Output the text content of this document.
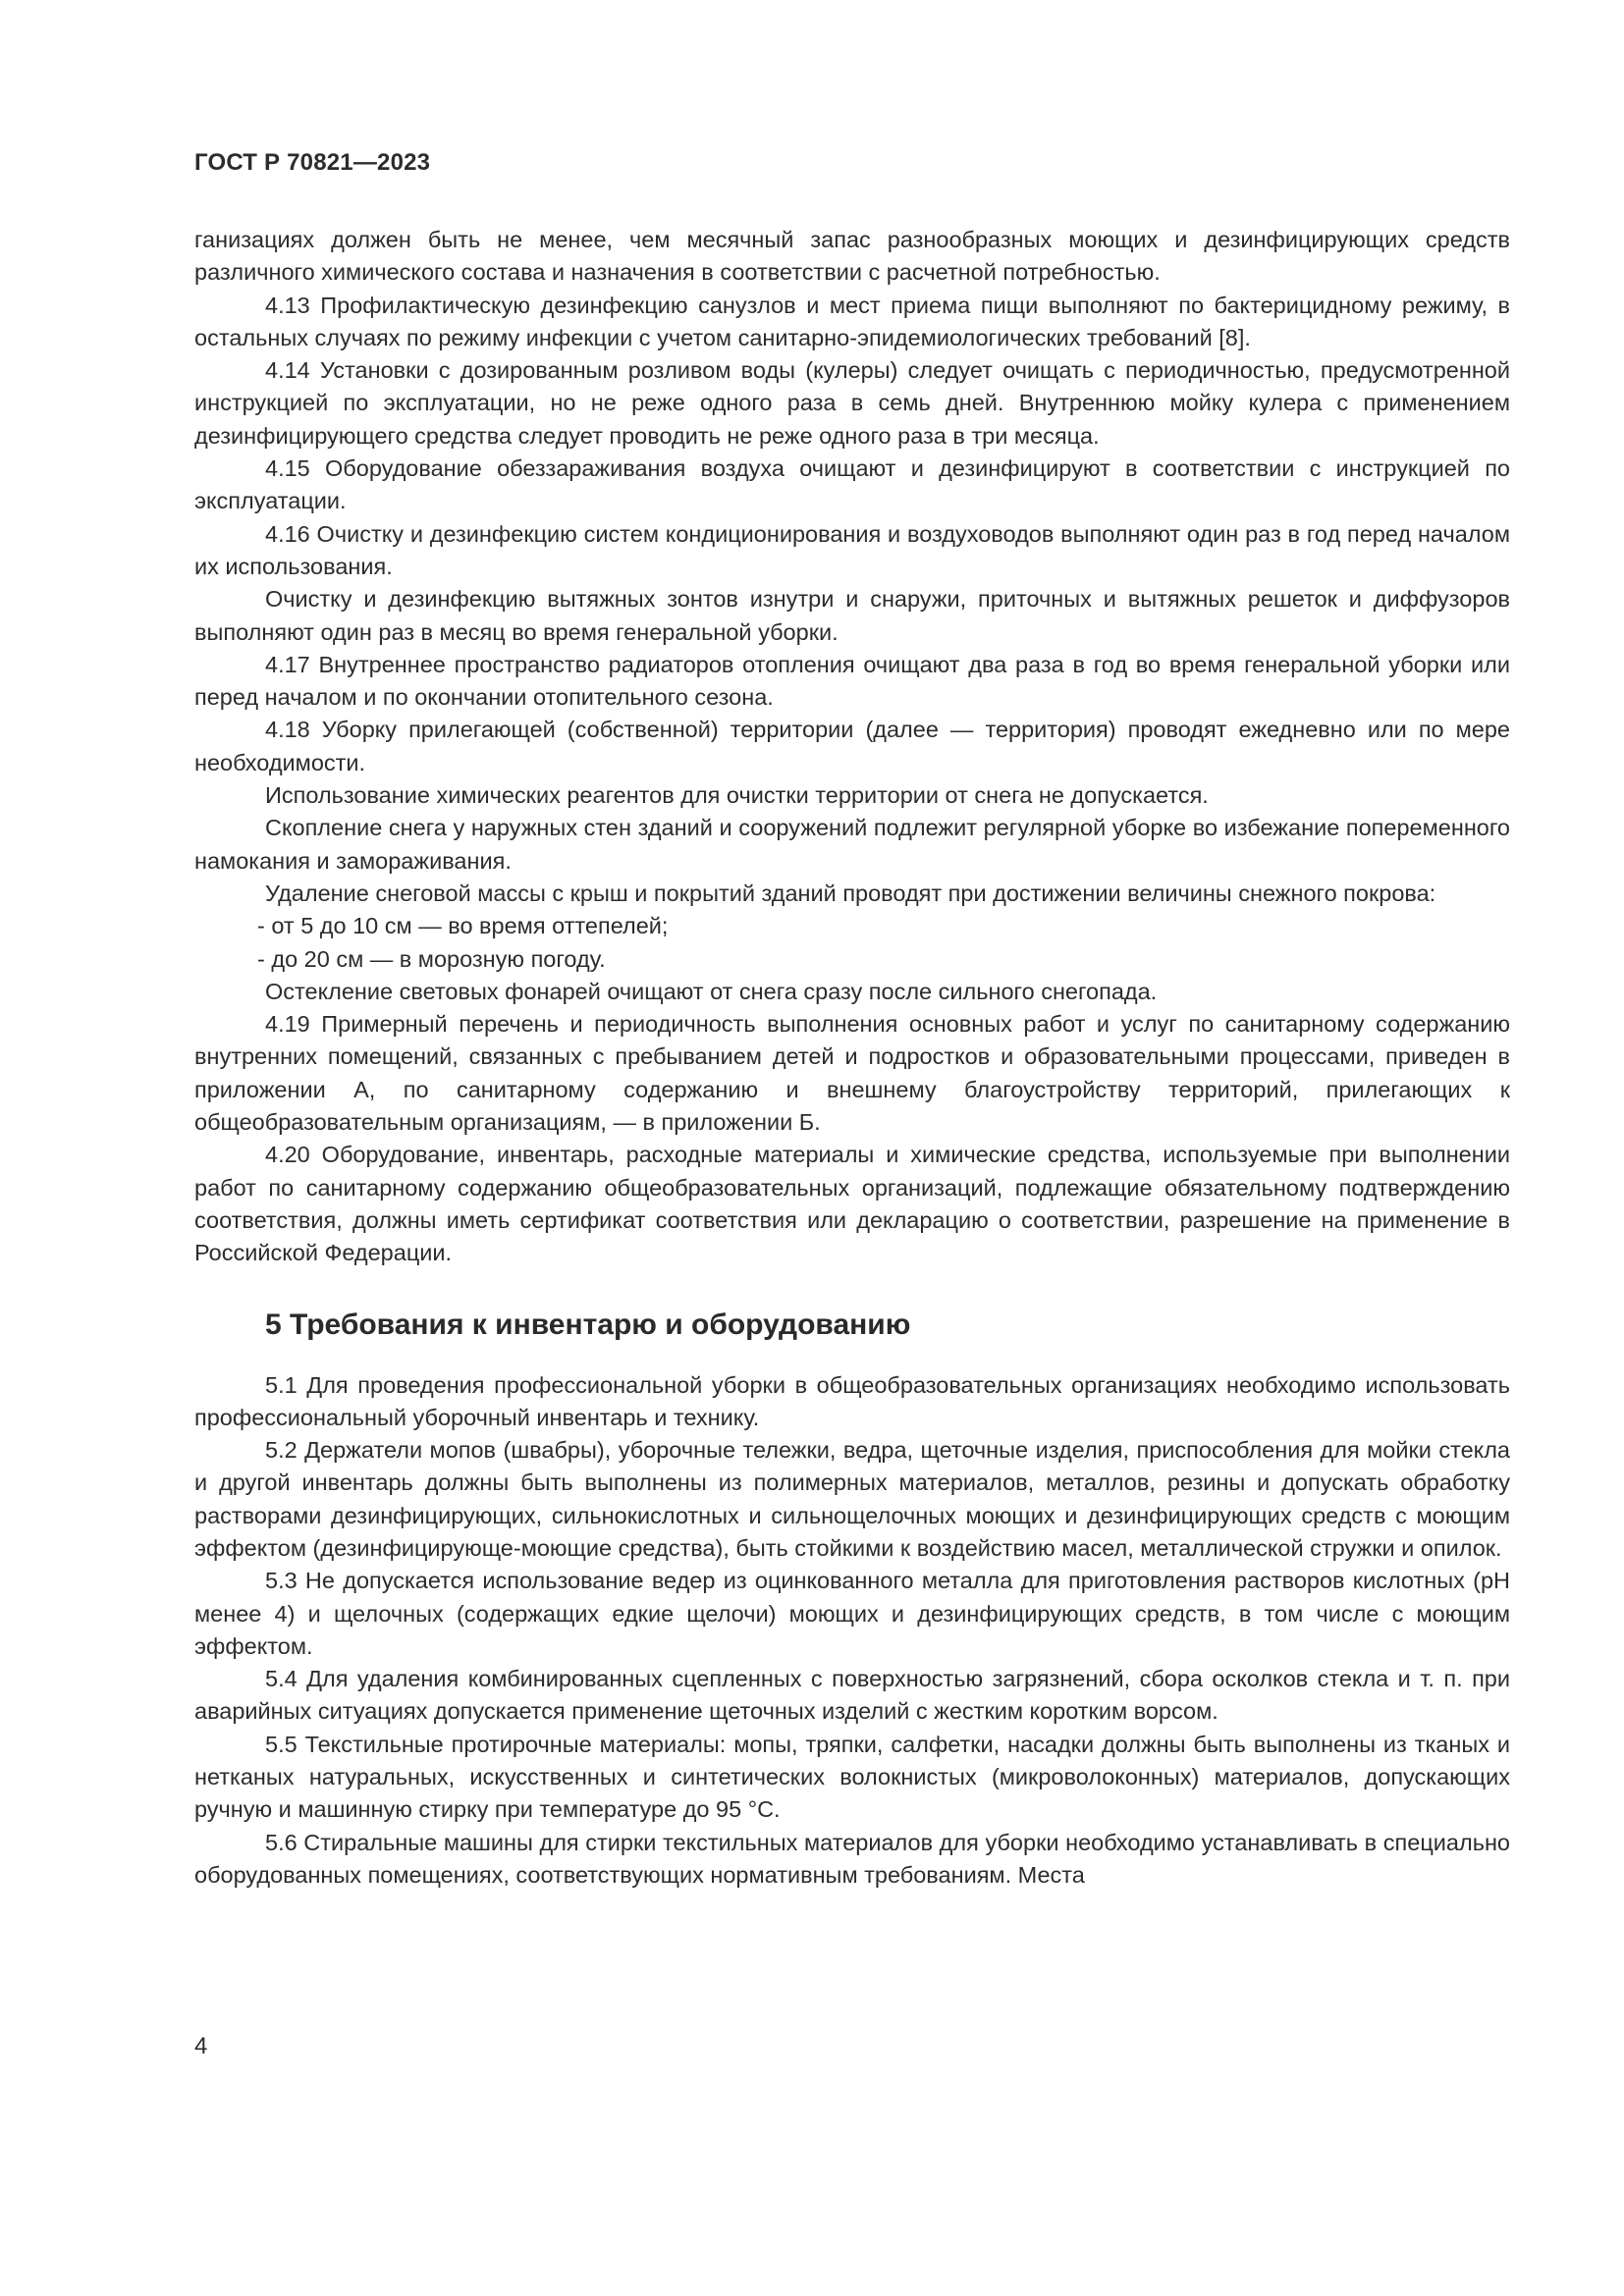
ГОСТ Р 70821—2023

ганизациях должен быть не менее, чем месячный запас разнообразных моющих и дезинфицирующих средств различного химического состава и назначения в соответствии с расчетной потребностью.

4.13 Профилактическую дезинфекцию санузлов и мест приема пищи выполняют по бактерицидному режиму, в остальных случаях по режиму инфекции с учетом санитарно-эпидемиологических требований [8].

4.14 Установки с дозированным розливом воды (кулеры) следует очищать с периодичностью, предусмотренной инструкцией по эксплуатации, но не реже одного раза в семь дней. Внутреннюю мойку кулера с применением дезинфицирующего средства следует проводить не реже одного раза в три месяца.

4.15 Оборудование обеззараживания воздуха очищают и дезинфицируют в соответствии с инструкцией по эксплуатации.

4.16 Очистку и дезинфекцию систем кондиционирования и воздуховодов выполняют один раз в год перед началом их использования.

Очистку и дезинфекцию вытяжных зонтов изнутри и снаружи, приточных и вытяжных решеток и диффузоров выполняют один раз в месяц во время генеральной уборки.

4.17 Внутреннее пространство радиаторов отопления очищают два раза в год во время генеральной уборки или перед началом и по окончании отопительного сезона.

4.18 Уборку прилегающей (собственной) территории (далее — территория) проводят ежедневно или по мере необходимости.

Использование химических реагентов для очистки территории от снега не допускается.

Скопление снега у наружных стен зданий и сооружений подлежит регулярной уборке во избежание попеременного намокания и замораживания.

Удаление снеговой массы с крыш и покрытий зданий проводят при достижении величины снежного покрова:

- от 5 до 10 см — во время оттепелей;

- до 20 см — в морозную погоду.

Остекление световых фонарей очищают от снега сразу после сильного снегопада.

4.19 Примерный перечень и периодичность выполнения основных работ и услуг по санитарному содержанию внутренних помещений, связанных с пребыванием детей и подростков и образовательными процессами, приведен в приложении А, по санитарному содержанию и внешнему благоустройству территорий, прилегающих к общеобразовательным организациям, — в приложении Б.

4.20 Оборудование, инвентарь, расходные материалы и химические средства, используемые при выполнении работ по санитарному содержанию общеобразовательных организаций, подлежащие обязательному подтверждению соответствия, должны иметь сертификат соответствия или декларацию о соответствии, разрешение на применение в Российской Федерации.

5 Требования к инвентарю и оборудованию

5.1 Для проведения профессиональной уборки в общеобразовательных организациях необходимо использовать профессиональный уборочный инвентарь и технику.

5.2 Держатели мопов (швабры), уборочные тележки, ведра, щеточные изделия, приспособления для мойки стекла и другой инвентарь должны быть выполнены из полимерных материалов, металлов, резины и допускать обработку растворами дезинфицирующих, сильнокислотных и сильнощелочных моющих и дезинфицирующих средств с моющим эффектом (дезинфицирующе-моющие средства), быть стойкими к воздействию масел, металлической стружки и опилок.

5.3 Не допускается использование ведер из оцинкованного металла для приготовления растворов кислотных (pH менее 4) и щелочных (содержащих едкие щелочи) моющих и дезинфицирующих средств, в том числе с моющим эффектом.

5.4 Для удаления комбинированных сцепленных с поверхностью загрязнений, сбора осколков стекла и т. п. при аварийных ситуациях допускается применение щеточных изделий с жестким коротким ворсом.

5.5 Текстильные протирочные материалы: мопы, тряпки, салфетки, насадки должны быть выполнены из тканых и нетканых натуральных, искусственных и синтетических волокнистых (микроволоконных) материалов, допускающих ручную и машинную стирку при температуре до 95 °С.

5.6 Стиральные машины для стирки текстильных материалов для уборки необходимо устанавливать в специально оборудованных помещениях, соответствующих нормативным требованиям. Места

4
